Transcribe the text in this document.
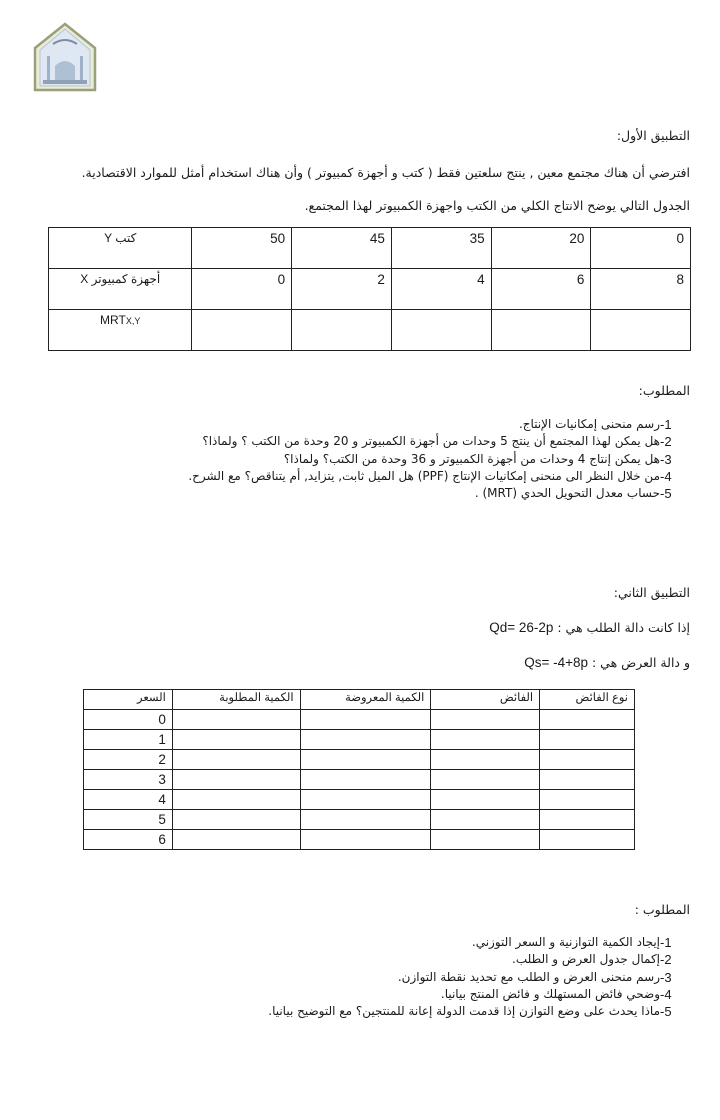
التطبيق الأول:
افترضي أن هناك مجتمع معين , ينتج سلعتين فقط ( كتب و أجهزة كمبيوتر ) وأن هناك استخدام أمثل للموارد الاقتصادية.
الجدول التالي يوضح الانتاج الكلي من الكتب واجهزة الكمبيوتر لهذا المجتمع.
Y كتب	50	45	35	20	0
X أجهزة كمبيوتر	0	2	4	6	8
MRTX,Y					
المطلوب:
-1
رسم منحنى إمكانيات الإنتاج.
-2
هل يمكن لهذا المجتمع أن ينتج 5 وحدات من أجهزة الكمبيوتر و 20 وحدة من الكتب ؟ ولماذا؟
-3
هل يمكن إنتاج 4 وحدات من أجهزة الكمبيوتر و 36 وحدة من الكتب؟ ولماذا؟
-4
من خلال النظر الى منحنى إمكانيات الإنتاج (PPF) هل الميل ثابت, يتزايد, أم يتناقص؟ مع الشرح.
-5
حساب معدل التحويل الحدي (MRT) .
التطبيق الثاني:
إذا كانت دالة الطلب هي : Qd= 26-2p
و دالة العرض هي : Qs= -4+8p
السعر	الكمية المطلوبة	الكمية المعروضة	الفائض	نوع الفائض
0				
1				
2				
3				
4				
5				
6				
المطلوب :
-1
إيجاد الكمية التوازنية و السعر التوزني.
-2
إكمال جدول العرض و الطلب.
-3
رسم منحنى العرض و الطلب مع تحديد نقطة التوازن.
-4
وضحي فائض المستهلك و فائض المنتج بيانيا.
-5
ماذا يحدث على وضع التوازن إذا قدمت الدولة إعانة للمنتجين؟ مع التوضيح بيانيا.
